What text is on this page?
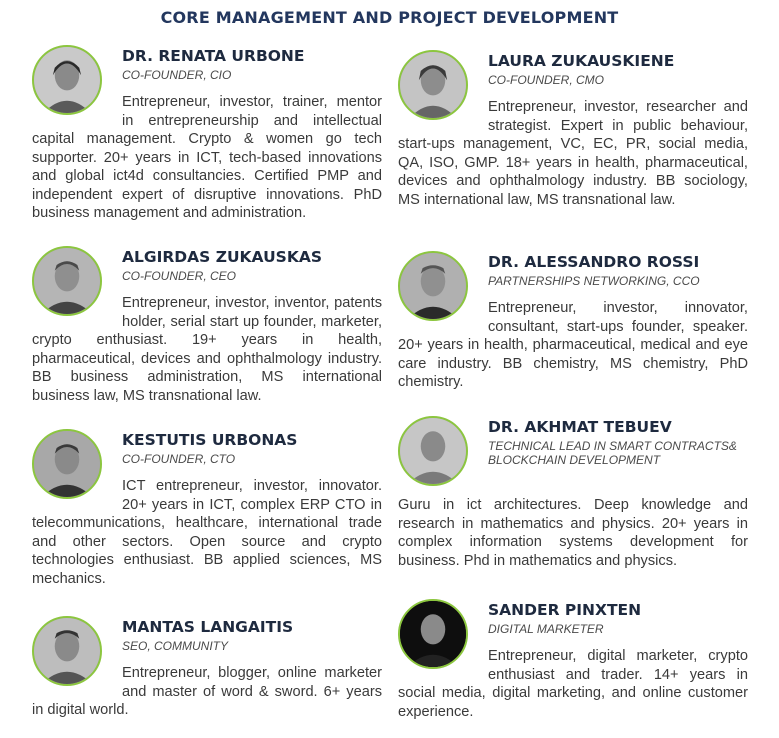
CORE MANAGEMENT AND PROJECT DEVELOPMENT
DR. RENATA URBONE
CO-FOUNDER, CIO

Entrepreneur, investor, trainer, mentor in entrepreneurship and intellectual capital management. Crypto & women go tech supporter. 20+ years in ICT, tech-based innovations and global ict4d consultancies. Certified PMP and independent expert of disruptive innovations. PhD business management and administration.

ALGIRDAS ZUKAUSKAS
CO-FOUNDER, CEO

Entrepreneur, investor, inventor, patents holder, serial start up founder, marketer, crypto enthusiast. 19+ years in health, pharmaceutical, devices and ophthalmology industry. BB business administration, MS international business law, MS transnational law.

KESTUTIS URBONAS
CO-FOUNDER, CTO

ICT entrepreneur, investor, innovator. 20+ years in ICT, complex ERP CTO in telecommunications, healthcare, international trade and other sectors. Open source and crypto technologies enthusiast. BB applied sciences, MS mechanics.

MANTAS LANGAITIS
SEO, COMMUNITY

Entrepreneur, blogger, online marketer and master of word & sword. 6+ years in digital world.

LAURA ZUKAUSKIENE
CO-FOUNDER, CMO

Entrepreneur, investor, researcher and strategist. Expert in public behaviour, start-ups management, VC, EC, PR, social media, QA, ISO, GMP. 18+ years in health, pharmaceutical, devices and ophthalmology industry. BB sociology, MS international law, MS transnational law.

DR. ALESSANDRO ROSSI
PARTNERSHIPS NETWORKING, CCO

Entrepreneur, investor, innovator, consultant, start-ups founder, speaker. 20+ years in health, pharmaceutical, medical and eye care industry. BB chemistry, MS chemistry, PhD chemistry.

DR. AKHMAT TEBUEV
TECHNICAL LEAD IN SMART CONTRACTS& BLOCKCHAIN DEVELOPMENT

Guru in ict architectures. Deep knowledge and research in mathematics and physics. 20+ years in complex information systems development for business. Phd in mathematics and physics.

SANDER PINXTEN
DIGITAL MARKETER

Entrepreneur, digital marketer, crypto enthusiast and trader. 14+ years in social media, digital marketing, and online customer experience.
